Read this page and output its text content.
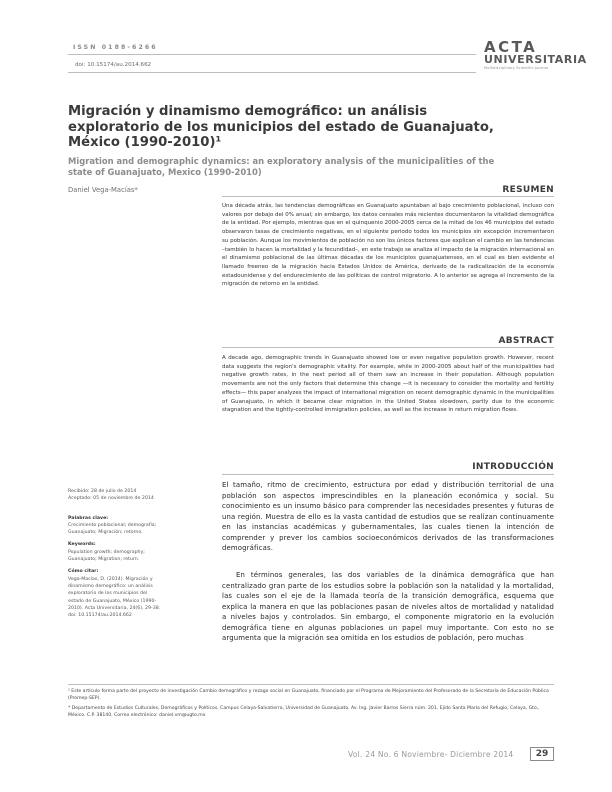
ISSN 0188-6266
doi: 10.15174/au.2014.662
ACTA
UNIVERSITARIA
Multidisciplinary Scientific Journal
Migración y dinamismo demográfico: un análisis exploratorio de los municipios del estado de Guanajuato, México (1990-2010)¹
Migration and demographic dynamics: an exploratory analysis of the municipalities of the state of Guanajuato, Mexico (1990-2010)
Daniel Vega-Macías*	RESUMEN
Una década atrás, las tendencias demográficas en Guanajuato apuntaban al bajo crecimiento poblacional, incluso con valores por debajo del 0% anual; sin embargo, los datos censales más recientes documentaron la vitalidad demográfica de la entidad. Por ejemplo, mientras que en el quinquenio 2000-2005 cerca de la mitad de los 46 municipios del estado observaron tasas de crecimiento negativas, en el siguiente periodo todos los municipios sin excepción incrementaron su población. Aunque los movimientos de población no son los únicos factores que explican el cambio en las tendencias –también lo hacen la mortalidad y la fecundidad–, en este trabajo se analiza el impacto de la migración internacional en el dinamismo poblacional de las últimas décadas de los municipios guanajuatenses, en el cual es bien evidente el llamado freeneo de la migración hacia Estados Unidos de América, derivado de la radicalización de la economía estadounidense y del endurecimiento de las políticas de control migratorio. A lo anterior se agrega el incremento de la migración de retorno en la entidad.
ABSTRACT
A decade ago, demographic trends in Guanajuato showed low or even negative population growth. However, recent data suggests the region's demographic vitality. For example, while in 2000-2005 about half of the municipalities had negative growth rates, in the next period all of them saw an increase in their population. Although population movements are not the only factors that determine this change —it is necessary to consider the mortality and fertility effects— this paper analyzes the impact of international migration on recent demographic dynamic in the municipalities of Guanajuato, in which it became clear migration in the United States slowdown, partly due to the economic stagnation and the tightly-controlled immigration policies, as well as the increase in return migration flows.
INTRODUCCIÓN
El tamaño, ritmo de crecimiento, estructura por edad y distribución territorial de una población son aspectos imprescindibles en la planeación económica y social. Su conocimiento es un insumo básico para comprender las necesidades presentes y futuras de una región. Muestra de ello es la vasta cantidad de estudios que se realizan continuamente en las instancias académicas y gubernamentales, las cuales tienen la intención de comprender y prever los cambios socioeconómicos derivados de las transformaciones demográficas.
En términos generales, las dos variables de la dinámica demográfica que han centralizado gran parte de los estudios sobre la población son la natalidad y la mortalidad, las cuales son el eje de la llamada teoría de la transición demográfica, esquema que explica la manera en que las poblaciones pasan de niveles altos de mortalidad y natalidad a niveles bajos y controlados. Sin embargo, el componente migratorio en la evolución demográfica tiene en algunas poblaciones un papel muy importante. Con esto no se argumenta que la migración sea omitida en los estudios de población, pero muchas
Recibido: 28 de julio de 2014
Aceptado: 05 de noviembre de 2014
Palabras clave:
Crecimiento poblacional; demografía; Guanajuato; Migración; retorno.
Keywords:
Population growth; demography; Guanajuato; Migration; return.
Cómo citar:
Vega-Macías, D. (2014). Migración y dinamismo demográfico: un análisis exploratorio de los municipios del estado de Guanajuato, México (1990-2010). Acta Universitaria, 24(6), 29-38. doi: 10.15174/au.2014.662
¹ Este artículo forma parte del proyecto de investigación Cambio demográfico y rezago social en Guanajuato, financiado por el Programa de Mejoramiento del Profesorado de la Secretaría de Educación Pública (Promep-SEP).
* Departamento de Estudios Culturales, Demográficos y Políticos, Campus Celaya-Salvatierra, Universidad de Guanajuato. Av. Ing. Javier Barros Sierra núm. 201, Ejido Santa María del Refugio, Celaya, Gto., México. C.P. 38140. Correo electrónico: daniel.vm@ugto.mx
Vol. 24 No. 6 Noviembre- Diciembre 2014	29
